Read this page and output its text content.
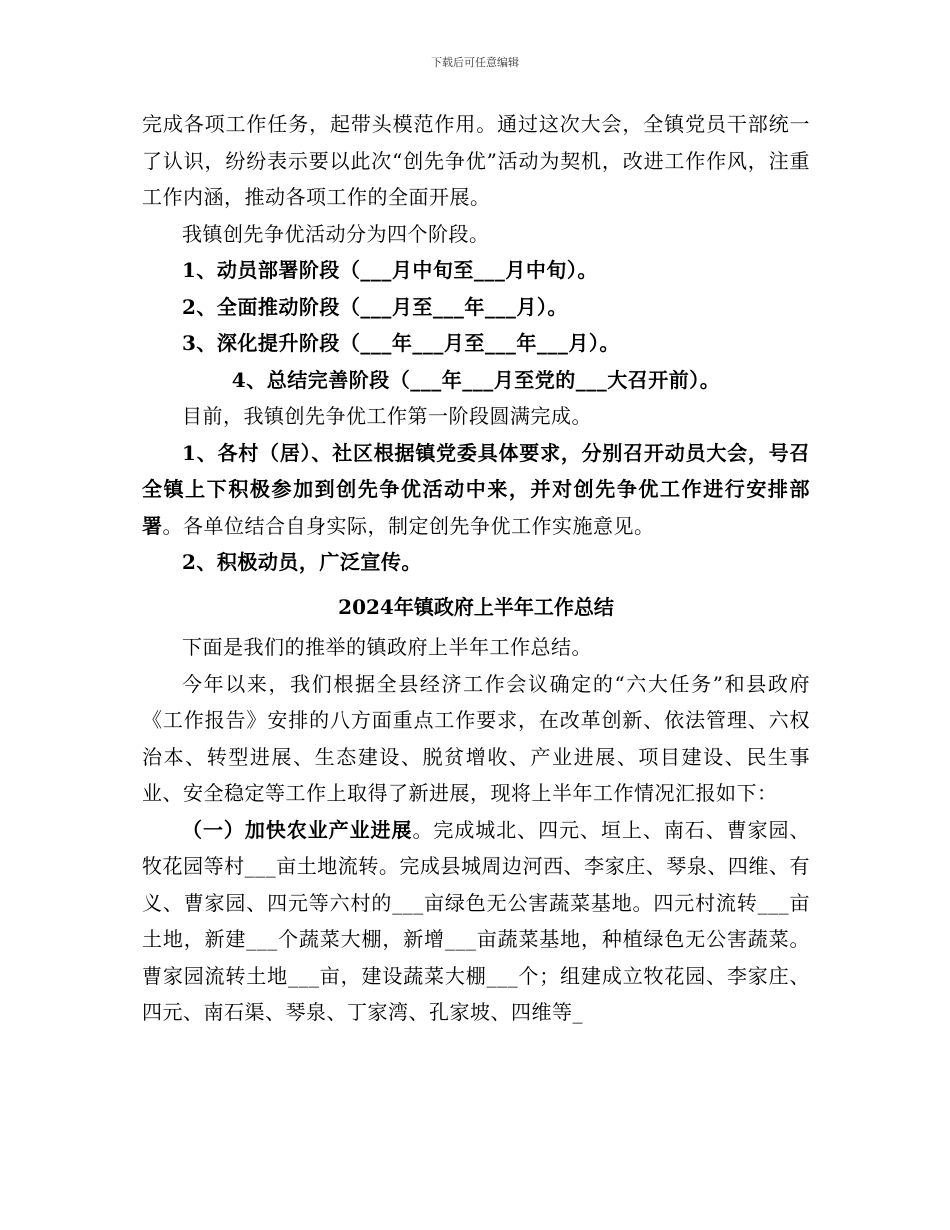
下载后可任意编辑

完成各项工作任务，起带头模范作用。通过这次大会，全镇党员干部统一了认识，纷纷表示要以此次“创先争优”活动为契机，改进工作作风，注重工作内涵，推动各项工作的全面开展。

我镇创先争优活动分为四个阶段。

1、动员部署阶段（___月中旬至___月中旬）。

2、全面推动阶段（___月至___年___月）。

3、深化提升阶段（___年___月至___年___月）。

4、总结完善阶段（___年___月至党的___大召开前）。

目前，我镇创先争优工作第一阶段圆满完成。

1、各村（居）、社区根据镇党委具体要求，分别召开动员大会，号召全镇上下积极参加到创先争优活动中来，并对创先争优工作进行安排部署。各单位结合自身实际，制定创先争优工作实施意见。

2、积极动员，广泛宣传。

2024年镇政府上半年工作总结

下面是我们的推举的镇政府上半年工作总结。

今年以来，我们根据全县经济工作会议确定的“六大任务”和县政府《工作报告》安排的八方面重点工作要求，在改革创新、依法管理、六权治本、转型进展、生态建设、脱贫增收、产业进展、项目建设、民生事业、安全稳定等工作上取得了新进展，现将上半年工作情况汇报如下：

（一）加快农业产业进展。完成城北、四元、垣上、南石、曹家园、牧花园等村___亩土地流转。完成县城周边河西、李家庄、琴泉、四维、有义、曹家园、四元等六村的___亩绿色无公害蔬菜基地。四元村流转___亩土地，新建___个蔬菜大棚，新增___亩蔬菜基地，种植绿色无公害蔬菜。曹家园流转土地___亩，建设蔬菜大棚___个；组建成立牧花园、李家庄、四元、南石渠、琴泉、丁家湾、孔家坡、四维等_
